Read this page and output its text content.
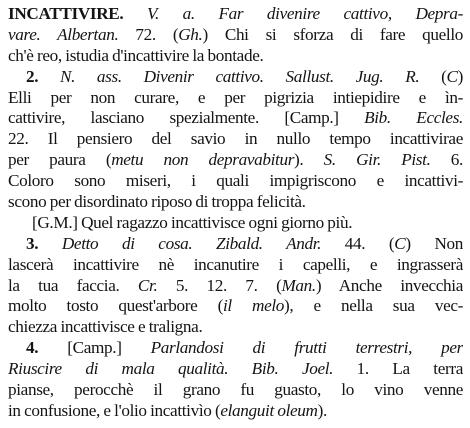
INCATTIVIRE. V. a. Far divenire cattivo, Depra-
vare. Albertan. 72. (Gh.) Chi si sforza di fare quello
ch'è reo, istudia d'incattivire la bontade.
2. N. ass. Divenir cattivo. Sallust. Jug. R. (C)
Elli per non curare, e per pigrizia intiepidire e ìn-
cattivire, lasciano spezialmente. [Camp.] Bib. Eccles.
22. Il pensiero del savio in nullo tempo incattivirae
per paura (metu non depravabitur). S. Gir. Pist. 6.
Coloro sono miseri, i quali impigriscono e incattivi-
scono per disordinato riposo di troppa felicità.
[G.M.] Quel ragazzo incattivisce ogni giorno più.
3. Detto di cosa. Zibald. Andr. 44. (C) Non
lascerà incattivire nè incanutire i capelli, e ingrasserà
la tua faccia. Cr. 5. 12. 7. (Man.) Anche invecchia
molto tosto quest'arbore (il melo), e nella sua vec-
chiezza incattivisce e traligna.
4. [Camp.] Parlandosi di frutti terrestri, per
Riuscire di mala qualità. Bib. Joel. 1. La terra
pianse, perocchè il grano fu guasto, lo vino venne
in confusione, e l'olio incattivìo (elanguit oleum).
